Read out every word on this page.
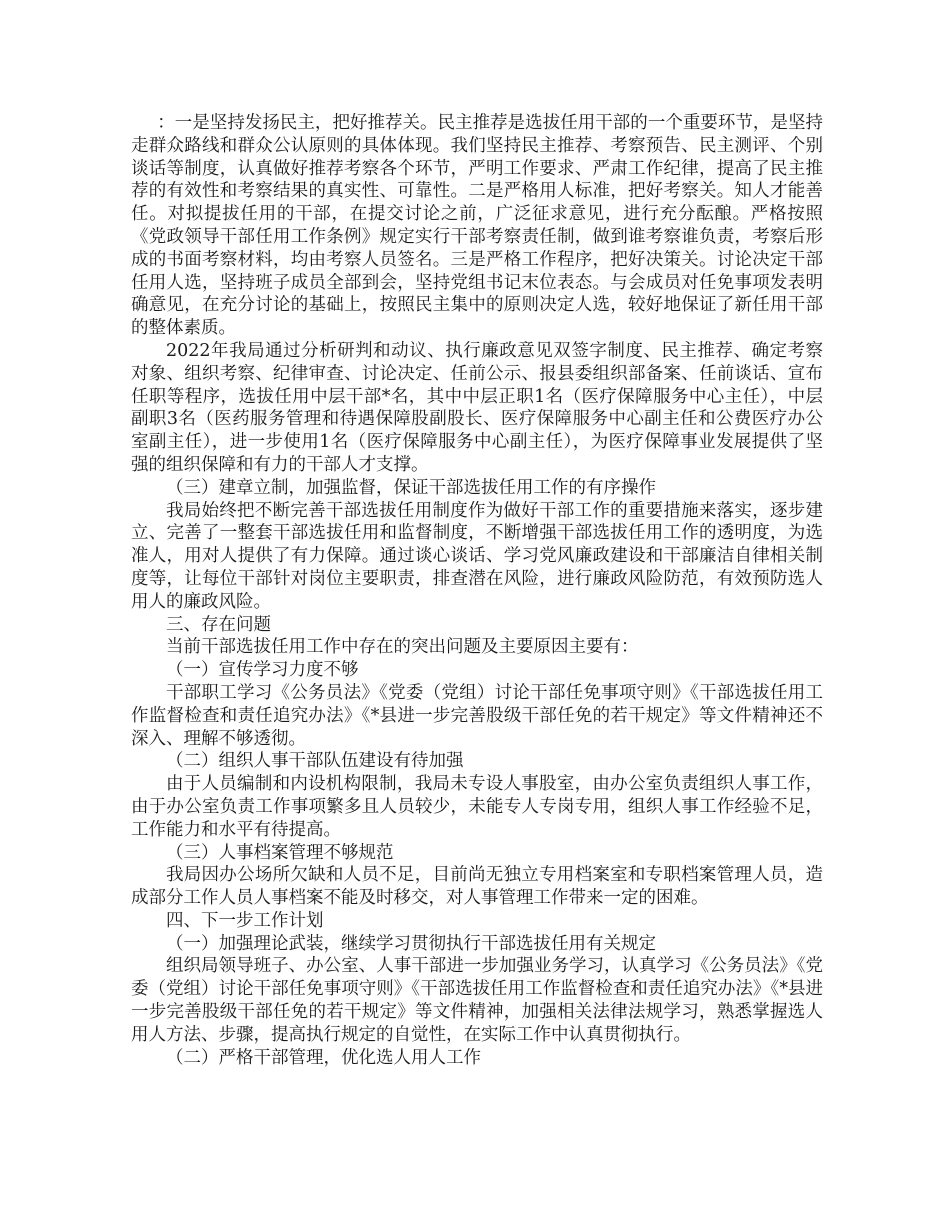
：一是坚持发扬民主，把好推荐关。民主推荐是选拔任用干部的一个重要环节，是坚持走群众路线和群众公认原则的具体体现。我们坚持民主推荐、考察预告、民主测评、个别谈话等制度，认真做好推荐考察各个环节，严明工作要求、严肃工作纪律，提高了民主推荐的有效性和考察结果的真实性、可靠性。二是严格用人标准，把好考察关。知人才能善任。对拟提拔任用的干部，在提交讨论之前，广泛征求意见，进行充分酝酿。严格按照《党政领导干部任用工作条例》规定实行干部考察责任制，做到谁考察谁负责，考察后形成的书面考察材料，均由考察人员签名。三是严格工作程序，把好决策关。讨论决定干部任用人选，坚持班子成员全部到会，坚持党组书记末位表态。与会成员对任免事项发表明确意见，在充分讨论的基础上，按照民主集中的原则决定人选，较好地保证了新任用干部的整体素质。

2022年我局通过分析研判和动议、执行廉政意见双签字制度、民主推荐、确定考察对象、组织考察、纪律审查、讨论决定、任前公示、报县委组织部备案、任前谈话、宣布任职等程序，选拔任用中层干部*名，其中中层正职1名（医疗保障服务中心主任），中层副职3名（医药服务管理和待遇保障股副股长、医疗保障服务中心副主任和公费医疗办公室副主任），进一步使用1名（医疗保障服务中心副主任），为医疗保障事业发展提供了坚强的组织保障和有力的干部人才支撑。

（三）建章立制，加强监督，保证干部选拔任用工作的有序操作

我局始终把不断完善干部选拔任用制度作为做好干部工作的重要措施来落实，逐步建立、完善了一整套干部选拔任用和监督制度，不断增强干部选拔任用工作的透明度，为选准人，用对人提供了有力保障。通过谈心谈话、学习党风廉政建设和干部廉洁自律相关制度等，让每位干部针对岗位主要职责，排查潜在风险，进行廉政风险防范，有效预防选人用人的廉政风险。

三、存在问题

当前干部选拔任用工作中存在的突出问题及主要原因主要有：

（一）宣传学习力度不够

干部职工学习《公务员法》《党委（党组）讨论干部任免事项守则》《干部选拔任用工作监督检查和责任追究办法》《*县进一步完善股级干部任免的若干规定》等文件精神还不深入、理解不够透彻。

（二）组织人事干部队伍建设有待加强

由于人员编制和内设机构限制，我局未专设人事股室，由办公室负责组织人事工作，由于办公室负责工作事项繁多且人员较少，未能专人专岗专用，组织人事工作经验不足，工作能力和水平有待提高。

（三）人事档案管理不够规范

我局因办公场所欠缺和人员不足，目前尚无独立专用档案室和专职档案管理人员，造成部分工作人员人事档案不能及时移交，对人事管理工作带来一定的困难。

四、下一步工作计划

（一）加强理论武装，继续学习贯彻执行干部选拔任用有关规定

组织局领导班子、办公室、人事干部进一步加强业务学习，认真学习《公务员法》《党委（党组）讨论干部任免事项守则》《干部选拔任用工作监督检查和责任追究办法》《*县进一步完善股级干部任免的若干规定》等文件精神，加强相关法律法规学习，熟悉掌握选人用人方法、步骤，提高执行规定的自觉性，在实际工作中认真贯彻执行。

（二）严格干部管理，优化选人用人工作
